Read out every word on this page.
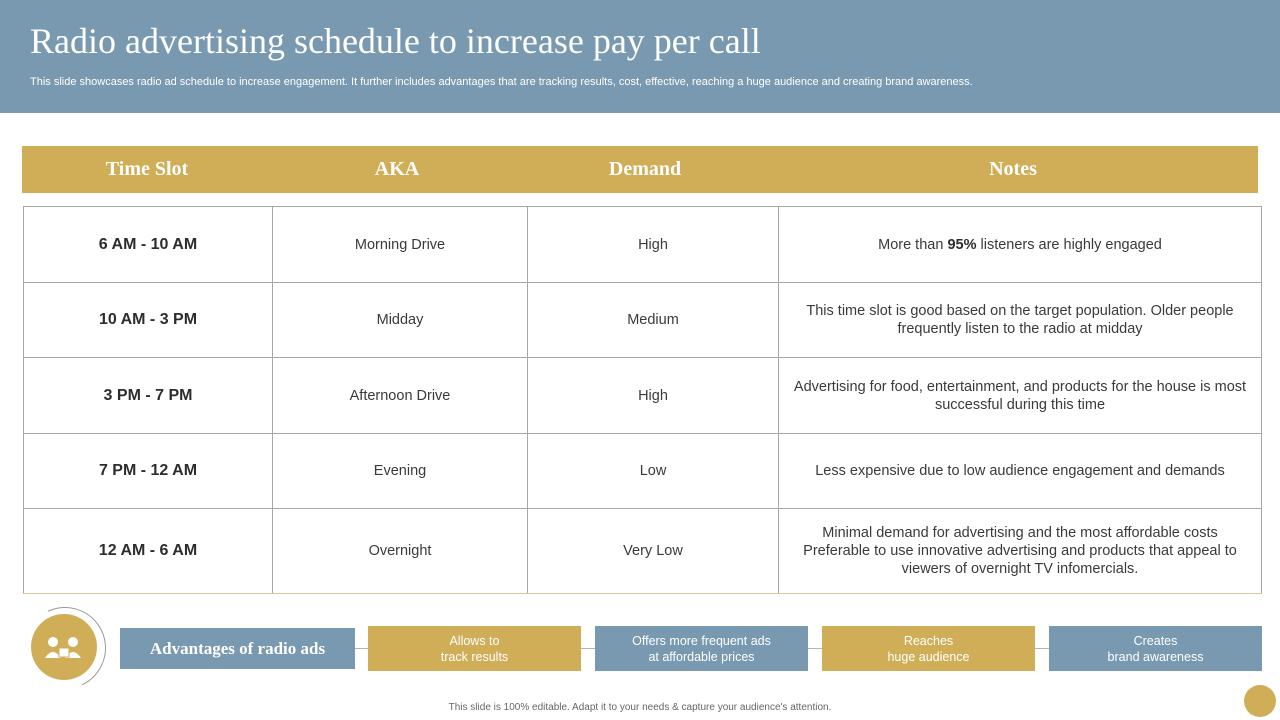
Radio advertising schedule to increase pay per call

This slide showcases radio ad schedule to increase engagement. It further includes advantages that are tracking results, cost, effective, reaching a huge audience and creating brand awareness.

Time Slot	AKA	Demand	Notes
6 AM - 10 AM	Morning Drive	High	More than 95% listeners are highly engaged
10 AM - 3 PM	Midday	Medium	This time slot is good based on the target population. Older people frequently listen to the radio at midday
3 PM - 7 PM	Afternoon Drive	High	Advertising for food, entertainment, and products for the house is most successful during this time
7 PM - 12 AM	Evening	Low	Less expensive due to low audience engagement and demands
12 AM - 6 AM	Overnight	Very Low	Minimal demand for advertising and the most affordable costs Preferable to use innovative advertising and products that appeal to viewers of overnight TV infomercials.
Advantages of radio ads	Allows to
track results
Offers more frequent ads
at affordable prices
Reaches
huge audience
Creates
brand awareness
This slide is 100% editable. Adapt it to your needs & capture your audience's attention.
